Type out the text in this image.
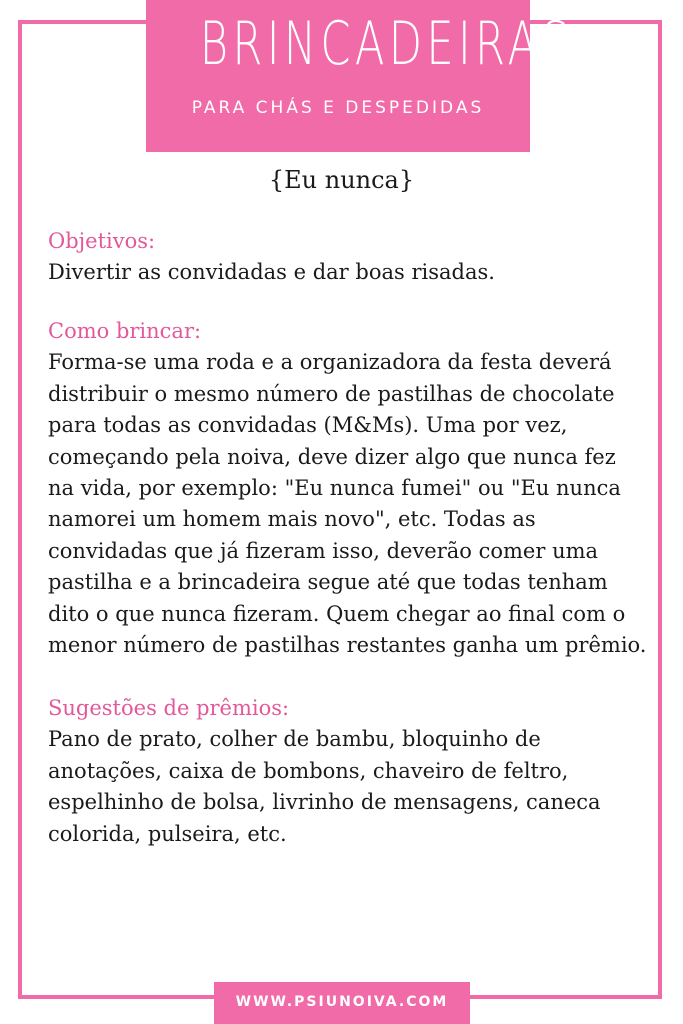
BRINCADEIRAS
PARA CHÁS E DESPEDIDAS
{Eu nunca}
Objetivos:
Divertir as convidadas e dar boas risadas.
Como brincar:
Forma-se uma roda e a organizadora da festa deverá distribuir o mesmo número de pastilhas de chocolate para todas as convidadas (M&Ms). Uma por vez, começando pela noiva, deve dizer algo que nunca fez na vida, por exemplo: "Eu nunca fumei" ou "Eu nunca namorei um homem mais novo", etc. Todas as convidadas que já fizeram isso, deverão comer uma pastilha e a brincadeira segue até que todas tenham dito o que nunca fizeram. Quem chegar ao final com o menor número de pastilhas restantes ganha um prêmio.
Sugestões de prêmios:
Pano de prato, colher de bambu, bloquinho de anotações, caixa de bombons, chaveiro de feltro, espelhinho de bolsa, livrinho de mensagens, caneca colorida, pulseira, etc.
WWW.PSIUNOIVA.COM
